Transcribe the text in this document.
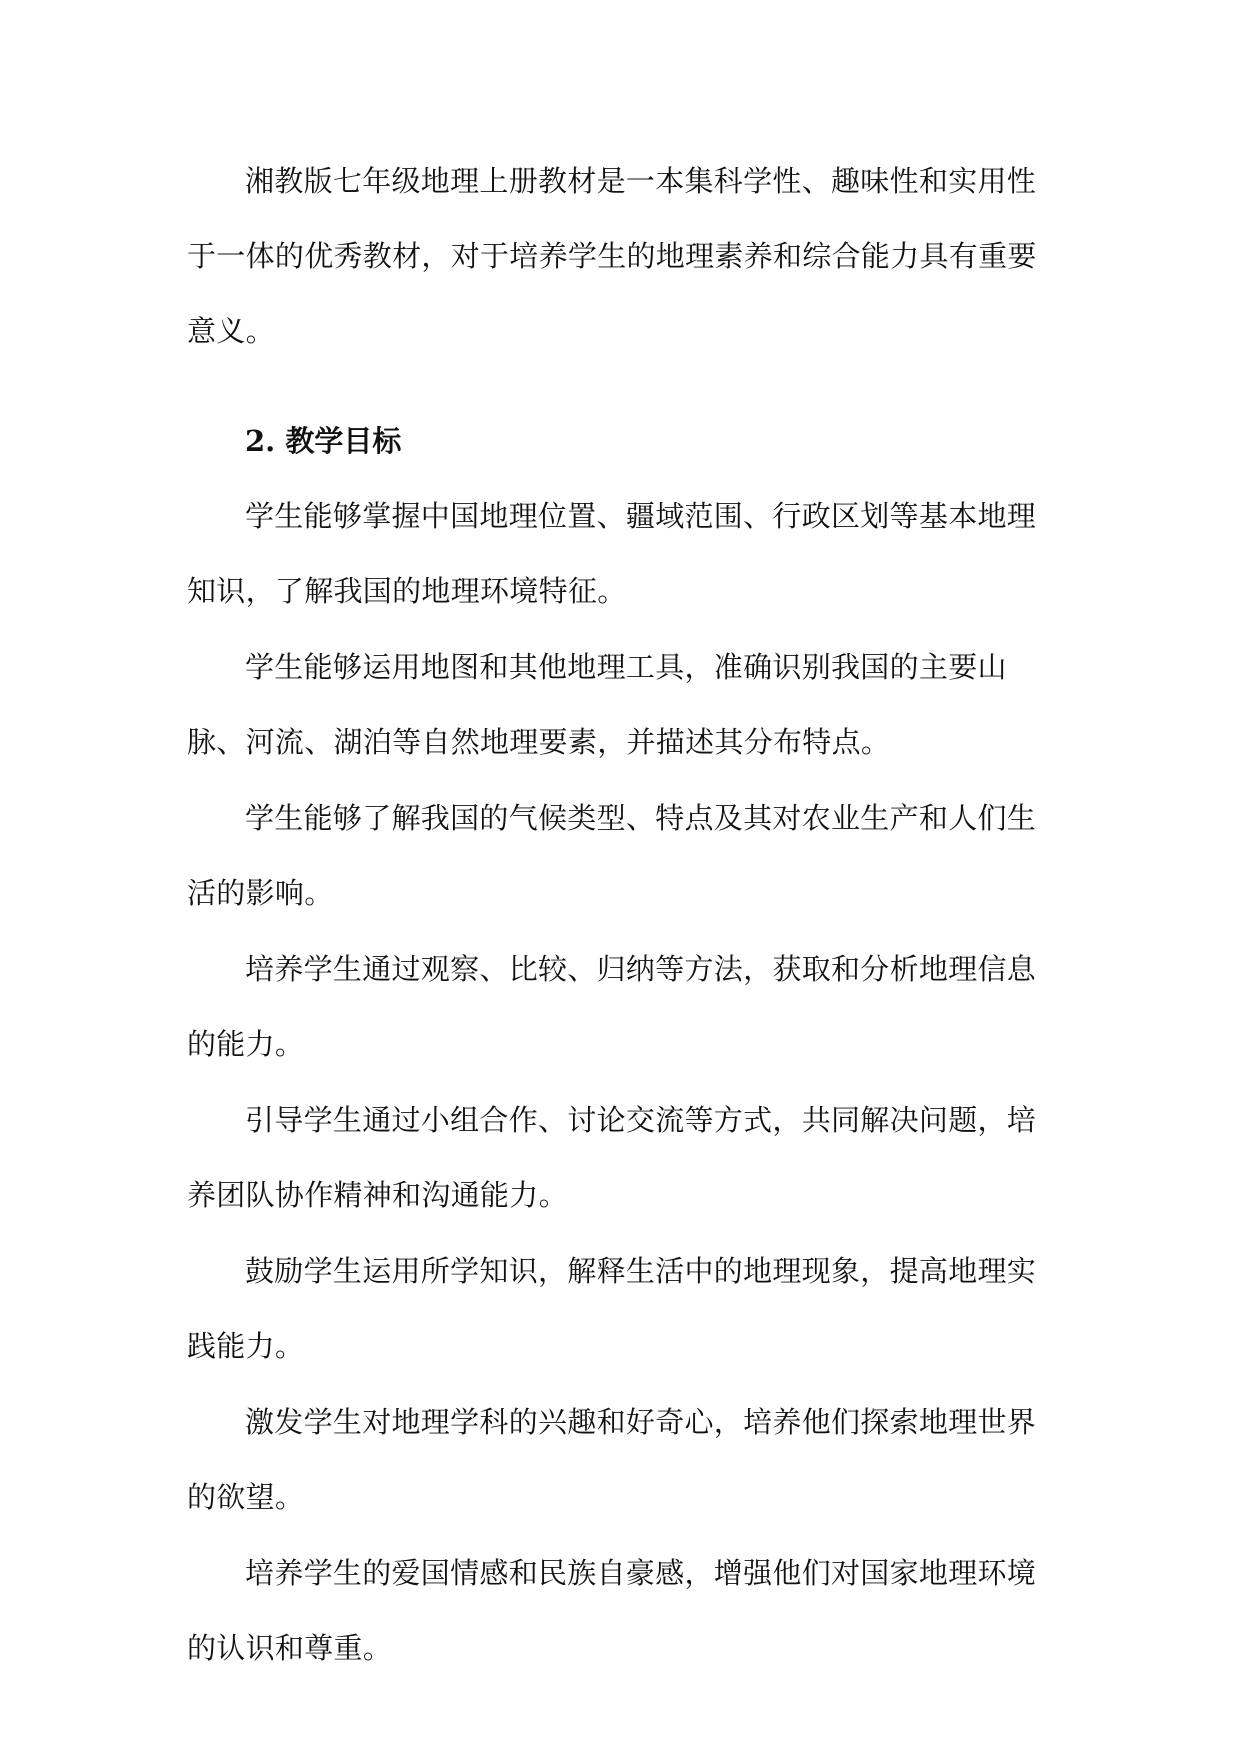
湘教版七年级地理上册教材是一本集科学性、趣味性和实用性于一体的优秀教材，对于培养学生的地理素养和综合能力具有重要意义。

2. 教学目标

学生能够掌握中国地理位置、疆域范围、行政区划等基本地理知识，了解我国的地理环境特征。

学生能够运用地图和其他地理工具，准确识别我国的主要山脉、河流、湖泊等自然地理要素，并描述其分布特点。

学生能够了解我国的气候类型、特点及其对农业生产和人们生活的影响。

培养学生通过观察、比较、归纳等方法，获取和分析地理信息的能力。

引导学生通过小组合作、讨论交流等方式，共同解决问题，培养团队协作精神和沟通能力。

鼓励学生运用所学知识，解释生活中的地理现象，提高地理实践能力。

激发学生对地理学科的兴趣和好奇心，培养他们探索地理世界的欲望。

培养学生的爱国情感和民族自豪感，增强他们对国家地理环境的认识和尊重。
